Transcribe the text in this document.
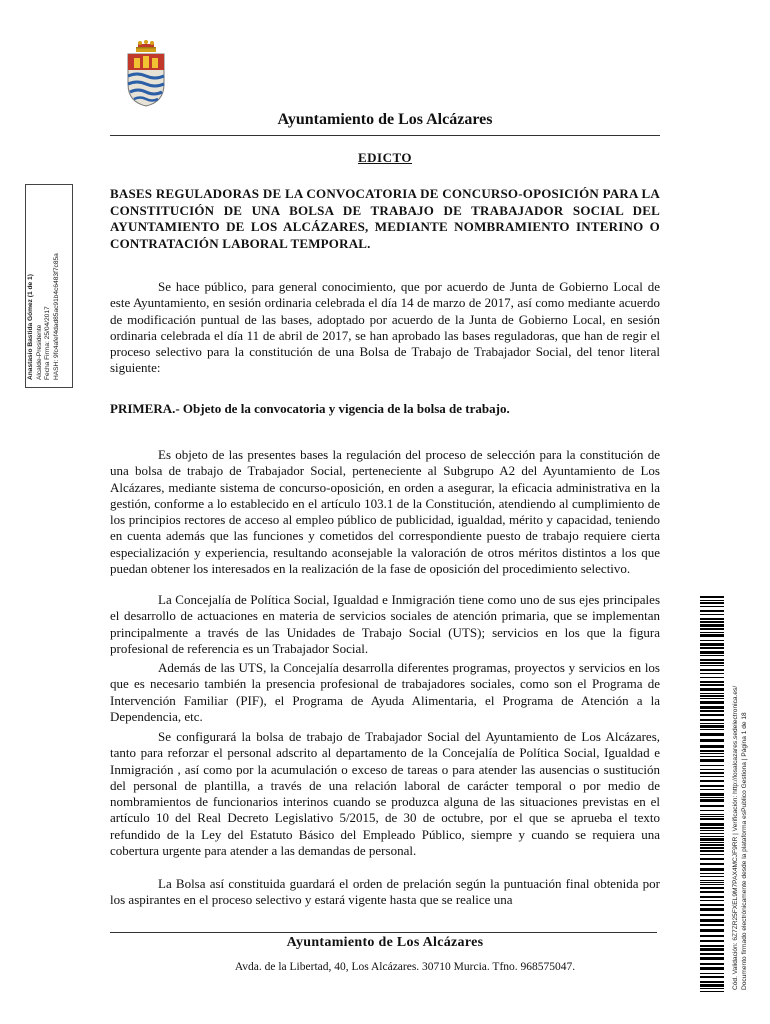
Ayuntamiento de Los Alcázares
EDICTO
BASES REGULADORAS DE LA CONVOCATORIA DE CONCURSO-OPOSICIÓN PARA LA CONSTITUCIÓN DE UNA BOLSA DE TRABAJO DE TRABAJADOR SOCIAL DEL AYUNTAMIENTO DE LOS ALCÁZARES, MEDIANTE NOMBRAMIENTO INTERINO O CONTRATACIÓN LABORAL TEMPORAL.

Se hace público, para general conocimiento, que por acuerdo de Junta de Gobierno Local de este Ayuntamiento, en sesión ordinaria celebrada el día 14 de marzo de 2017, así como mediante acuerdo de modificación puntual de las bases, adoptado por acuerdo de la Junta de Gobierno Local, en sesión ordinaria celebrada el día 11 de abril de 2017, se han aprobado las bases reguladoras, que han de regir el proceso selectivo para la constitución de una Bolsa de Trabajo de Trabajador Social, del tenor literal siguiente:

PRIMERA.- Objeto de la convocatoria y vigencia de la bolsa de trabajo.

Es objeto de las presentes bases la regulación del proceso de selección para la constitución de una bolsa de trabajo de Trabajador Social, perteneciente al Subgrupo A2 del Ayuntamiento de Los Alcázares, mediante sistema de concurso-oposición, en orden a asegurar, la eficacia administrativa en la gestión, conforme a lo establecido en el artículo 103.1 de la Constitución, atendiendo al cumplimiento de los principios rectores de acceso al empleo público de publicidad, igualdad, mérito y capacidad, teniendo en cuenta además que las funciones y cometidos del correspondiente puesto de trabajo requiere cierta especialización y experiencia, resultando aconsejable la valoración de otros méritos distintos a los que puedan obtener los interesados en la realización de la fase de oposición del procedimiento selectivo.

La Concejalía de Política Social, Igualdad e Inmigración tiene como uno de sus ejes principales el desarrollo de actuaciones en materia de servicios sociales de atención primaria, que se implementan principalmente a través de las Unidades de Trabajo Social (UTS); servicios en los que la figura profesional de referencia es un Trabajador Social.

Además de las UTS, la Concejalía desarrolla diferentes programas, proyectos y servicios en los que es necesario también la presencia profesional de trabajadores sociales, como son el Programa de Intervención Familiar (PIF), el Programa de Ayuda Alimentaria, el Programa de Atención a la Dependencia, etc.

Se configurará la bolsa de trabajo de Trabajador Social del Ayuntamiento de Los Alcázares, tanto para reforzar el personal adscrito al departamento de la Concejalía de Política Social, Igualdad e Inmigración , así como por la acumulación o exceso de tareas o para atender las ausencias o sustitución del personal de plantilla, a través de una relación laboral de carácter temporal o por medio de nombramientos de funcionarios interinos cuando se produzca alguna de las situaciones previstas en el artículo 10 del Real Decreto Legislativo 5/2015, de 30 de octubre, por el que se aprueba el texto refundido de la Ley del Estatuto Básico del Empleado Público, siempre y cuando se requiera una cobertura urgente para atender a las demandas de personal.

La Bolsa así constituida guardará el orden de prelación según la puntuación final obtenida por los aspirantes en el proceso selectivo y estará vigente hasta que se realice una

Ayuntamiento de Los Alcázares
Avda. de la Libertad, 40, Los Alcázares. 30710 Murcia. Tfno. 968575047.
Anastasio Bastida Gómez (1 de 1) Alcalde-Presidente Fecha Firma: 25/04/2017 HASH: 9fc4afef4dad85ac91b4c6483f7c85a
Cód. Validación: 6Z7ZR25FXEL9M7PAX4MCJF9RR | Verificación: http://losalcazares.sedelectronica.es/ Documento firmado electrónicamente desde la plataforma esPublico Gestiona | Página 1 de 18
